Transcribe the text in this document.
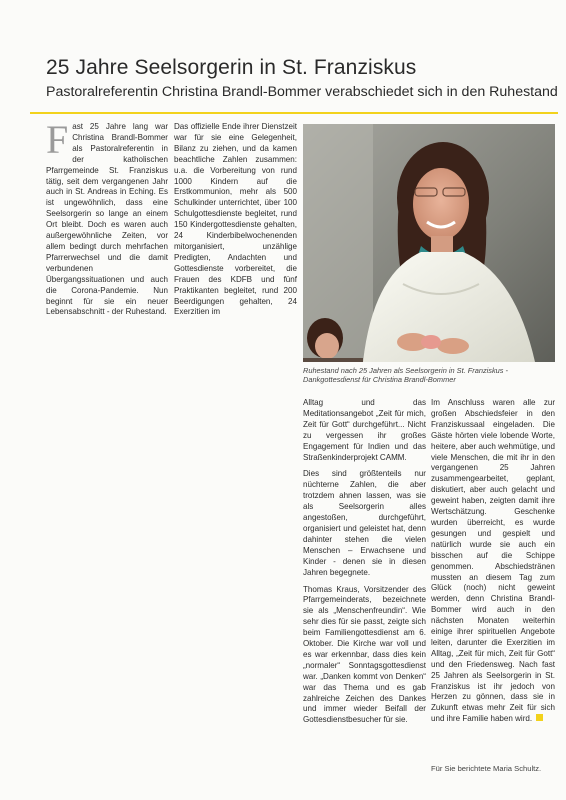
25 Jahre Seelsorgerin in St. Franziskus
Pastoralreferentin Christina Brandl-Bommer verabschiedet sich in den Ruhestand

Fast 25 Jahre lang war Christina Brandl-Bommer als Pastoralreferentin in der katholischen Pfarrgemeinde St. Franziskus tätig, seit dem vergangenen Jahr auch in St. Andreas in Eching. Es ist ungewöhnlich, dass eine Seelsorgerin so lange an einem Ort bleibt. Doch es waren auch außergewöhnliche Zeiten, vor allem bedingt durch mehrfachen Pfarrerwechsel und die damit verbundenen Übergangssituationen und auch die Corona-Pandemie. Nun beginnt für sie ein neuer Lebensabschnitt - der Ruhestand.

Das offizielle Ende ihrer Dienstzeit war für sie eine Gelegenheit, Bilanz zu ziehen, und da kamen beachtliche Zahlen zusammen: u.a. die Vorbereitung von rund 1000 Kindern auf die Erstkommunion, mehr als 500 Schulkinder unterrichtet, über 100 Schulgottesdienste begleitet, rund 150 Kindergottesdienste gehalten, 24 Kinderbibelwochenenden mitorganisiert, unzählige Predigten, Andachten und Gottesdienste vorbereitet, die Frauen des KDFB und fünf Praktikanten begleitet, rund 200 Beerdigungen gehalten, 24 Exerzitien im

Ruhestand nach 25 Jahren als Seelsorgerin in St. Franziskus -
Dankgottesdienst für Christina Brandl-Bommer

Alltag und das Meditationsangebot „Zeit für mich, Zeit für Gott“ durchgeführt... Nicht zu vergessen ihr großes Engagement für Indien und das Straßenkinderprojekt CAMM.

Dies sind größtenteils nur nüchterne Zahlen, die aber trotzdem ahnen lassen, was sie als Seelsorgerin alles angestoßen, durchgeführt, organisiert und geleistet hat, denn dahinter stehen die vielen Menschen – Erwachsene und Kinder - denen sie in diesen Jahren begegnete.

Thomas Kraus, Vorsitzender des Pfarrgemeinderats, bezeichnete sie als „Menschenfreundin“. Wie sehr dies für sie passt, zeigte sich beim Familiengottesdienst am 6. Oktober. Die Kirche war voll und es war erkennbar, dass dies kein „normaler“ Sonntagsgottesdienst war. „Danken kommt von Denken“ war das Thema und es gab zahlreiche Zeichen des Dankes und immer wieder Beifall der Gottesdienstbesucher für sie.

Im Anschluss waren alle zur großen Abschiedsfeier in den Franziskussaal eingeladen. Die Gäste hörten viele lobende Worte, heitere, aber auch wehmütige, und viele Menschen, die mit ihr in den vergangenen 25 Jahren zusammengearbeitet, geplant, diskutiert, aber auch gelacht und geweint haben, zeigten damit ihre Wertschätzung. Geschenke wurden überreicht, es wurde gesungen und gespielt und natürlich wurde sie auch ein bisschen auf die Schippe genommen. Abschiedstränen mussten an diesem Tag zum Glück (noch) nicht geweint werden, denn Christina Brandl-Bommer wird auch in den nächsten Monaten weiterhin einige ihrer spirituellen Angebote leiten, darunter die Exerzitien im Alltag, „Zeit für mich, Zeit für Gott“ und den Friedensweg. Nach fast 25 Jahren als Seelsorgerin in St. Franziskus ist ihr jedoch von Herzen zu gönnen, dass sie in Zukunft etwas mehr Zeit für sich und ihre Familie haben wird.

Für Sie berichtete Maria Schultz.
